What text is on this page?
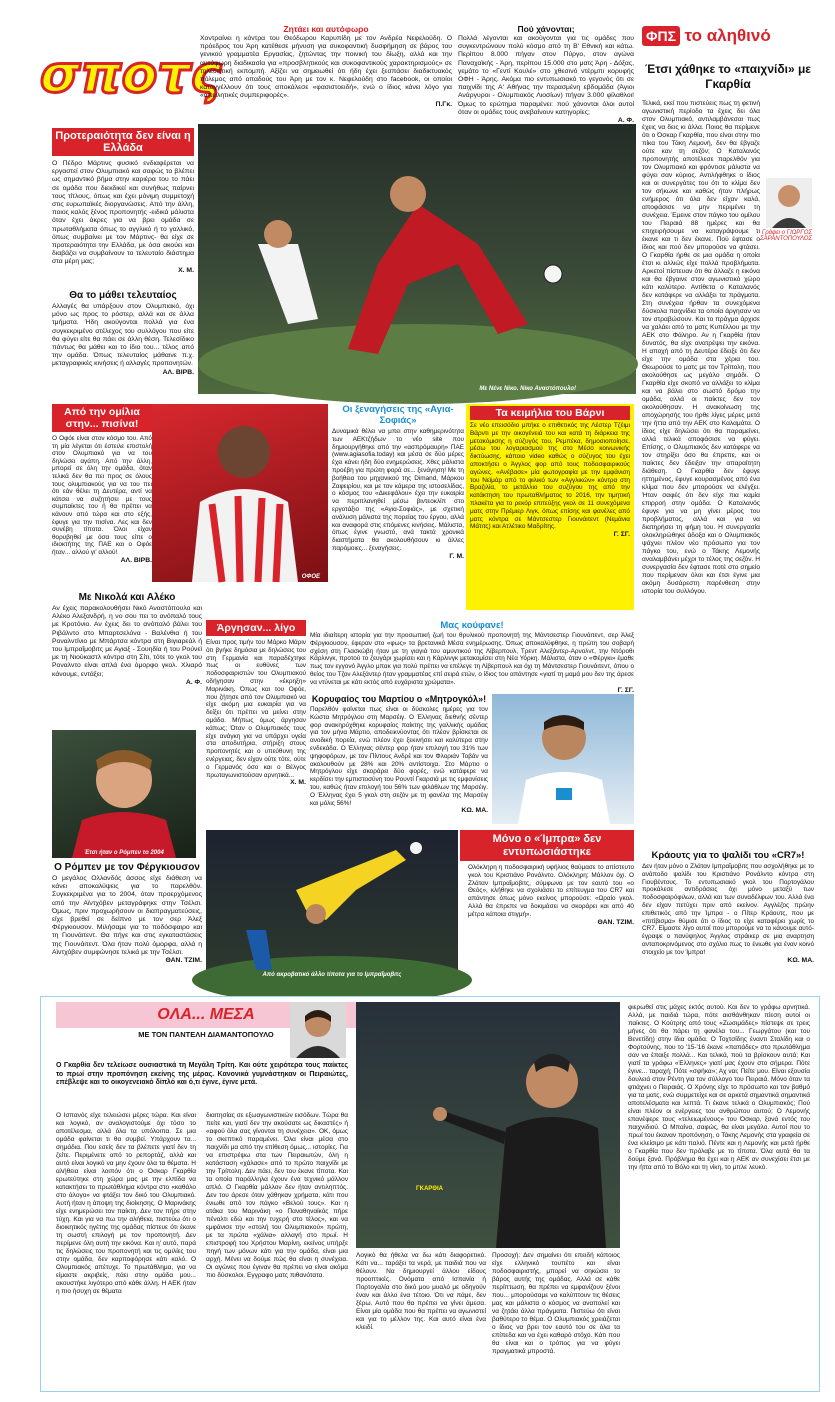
σποτς
Ζητάει και αυτόφωρο
Χοντραίνει η κόντρα του Θεόδωρου Καρυπίδη με τον Ανδρέα Νεφελούδη. Ο πρόεδρος του Άρη κατέθεσε μήνυση για συκοφαντική δυσφήμηση σε βάρος του γενικού γραμματέα Εργασίας, ζητώντας την ποινική του δίωξη, αλλά και την αυτόφωρη διαδικασία για «προσβλητικούς και συκοφαντικούς χαρακτηρισμούς» σε τηλεοπτική εκπομπή. Αξίζει να σημειωθεί ότι ήδη έχει ξεσπάσει διαδικτυακός πόλεμος από οπαδούς του Άρη με τον κ. Νεφελούδη στο facebook, οι οποίοι καταγγέλλουν ότι τους αποκάλεσε «φασιστοειδή», ενώ ο ίδιος κάνει λόγο για «απειλητικές συμπεριφορές».
Π.Γκ.
Πού χάνονται;
Πολλά λέγονται και ακούγονται για τις ομάδες που συγκεντρώνουν πολύ κόσμο από τη Β' Εθνική και κάτω. Περίπου 8.000 πήγαν στον Πύργο, στον αγώνα Παναχαϊκής - Άρη, περίπου 15.000 στο ματς Άρη - Δόξας, γεμάτο το «Γεντί Κουλέ» στο χθεσινό ντέρμπι κορυφής ΟΦΗ - Άρης. Ακόμα πιο εντυπωσιακό το γεγονός ότι σε παιχνίδι της Α' Αθήνας την περασμένη εβδομάδα (Άγιοι Ανάργυροι - Ολυμπιακός Λιοσίων) πήγαν 3.000 φίλαθλοι! Όμως το ερώτημα παραμένει: πού χάνονται όλοι αυτοί όταν οι ομάδες τους ανεβαίνουν κατηγορίες;
Α. Φ.
Προτεραιότητα δεν είναι η Ελλάδα
Ο Πέδρο Μάρτινς φυσικό ενδιαφέρεται να εργαστεί στον Ολυμπιακό και σαφώς το βλέπει ως σημαντικό βήμα στην καριέρα του το πάει σε ομάδα που διεκδικεί και συνήθως παίρνει τους τίτλους, όπως και έχει μόνιμη συμμετοχή στις ευρωπαϊκές διοργανώσεις. Από την άλλη, ποιος καλός ξένος προπονητής -ειδικά μάλιστα όταν έχει άκρες για να βρει ομάδα σε πρωταθλήματα όπως το αγγλικό ή το γαλλικό, όπως συμβαίνει με τον Μάρτινς- θα είχε σε προτεραιότητα την Ελλάδα, με όσα ακούει και διαβάζει να συμβαίνουν το τελευταίο διάστημα στα μέρη μας;
Χ. Μ.
Θα το μάθει τελευταίος
Αλλαγές θα υπάρξουν στον Ολυμπιακό, όχι μόνο ως προς το ρόστερ, αλλά και σε άλλα τμήματα. Ήδη ακούγονται πολλά για ένα συγκεκριμένο στέλεχος του συλλόγου που είτε θα φύγει είτε θα πάει σε άλλη θέση. Τελεσίδικο πάντως θα μάθει και το ίδιο του... τέλος από την ομάδα. Όπως τελευταίος μάθαινε π.χ. μεταγραφικές κινήσεις ή αλλαγές προπονητών.
ΑΛ. ΒΙΡΒ.
Από την ομίλια στην... πισίνα!
Ο Οφόε είναι στον κόσμο του. Από τη μία λέγεται ότι έστειλε επιστολή στον Ολυμπιακό για να του δηλώσει αγάπη. Από την άλλη, μπορεί σε όλη την ομάδα, όταν τελικά δεν θα πει προς σε όλους τους ολυμπιακούς για να του πει ότι εάν θέλει τη Δευτέρα, αντί να κάτσει να συζητήσει με τους συμπαίκτες του ή θα πρέπει να κάνουν από τώρα και στο εξής, έφυγε για την πισίνα. Λες και δεν συνέβη τίποτα. Όλοι είχαν θορυβηθεί με όσα τους είπε ο ιδιοκτήτης της ΠΑΕ και ο Οφόε ήταν... αλλού γι' αλλού!
ΑΛ. ΒΙΡΒ.
ΟΦΟΕ
Με Νικολά και Αλέκο
Αν έχεις παρακολουθήσει Νικό Αναστόπουλο και Αλέκο Αλεξανδρή, η νο σου πει το ανόπαλό τους με Κροτόνιο. Αν έχεις δει το ανόπαλό βάλει του Ριβάλντο στο Μπαρτσελόνα - Βαλένθια ή του Ροναλντίνιο με Μπάρτσα κόντρα στη Βιγιαρεάλ ή του Ιμπραΐμοβιτς με Αγιαξ - Σουηδία ή του Ρούνεϊ με τη Νιούκαστλ κόντρα στη Σίτι, τότε το γκολ του Ροναλντο είναι απλά ένα όμορφο γκολ. Χλιαρό κάνουμε, εντάξει;
Α. Φ.
Έτσι ήταν ο Ρόμπεν το 2004
Ο Ρόμπεν με τον Φέργκιουσον
Ο μεγάλος Ολλανδός άσσος είχε διάθεση να κάνει αποκαλύψεις για το παρελθόν. Συγκεκριμένα για το 2004, όταν προερχόμενος από την Αϊντχόβεν μεταγράφηκε στην Τσέλσι. Όμως, πριν προχωρήσουν οι διαπραγματεύσεις, είχε βρεθεί σε δείπνο με τον σερ Άλεξ Φέργκιουσον. Μιλήσαμε για το ποδόσφαιρο και τη Γιουνάιτεντ. Θα πήγε και στις εγκαταστάσεις της Γιουνάιτεντ. Όλα ήταν πολύ όμορφα, αλλά η Αϊντχόβεν συμφώνησε τελικά με την Τσέλσι.
ΘΑΝ. ΤΖΙΜ.
Με Νένε Νίκο. Νίκο Αναστόπουλο!
Οι ξεναγήσεις της «Αγια-Σοφιάς»
Δυναμικά θέλει να μπει στην καθημερινότητα των ΑΕΚτζήδων το νέο site που δημιουργήθηκε από την «ασπρόμαυρη» ΠΑΕ (www.agiasofia.today) και μέσα σε δύο μέρες έχει κάνει ήδη δύο ενημερώσεις. Χθες μάλιστα προέβη για πρώτη φορά σε... ξενάγηση! Με τη βοήθεια του μηχανικού της Dimand, Μάρκου Ζαφειρίου, και με τον κάμερα της ιστοσελίδας, ο κόσμος του «Δικεφάλου» έχει την ευκαιρία να περιπλανηθεί μέσω βιντεοκλίπ στο εργοτάξιο της «Αγια-Σοφιάς», με σχετική ανάλυση μάλιστα της πορείας του έργου, αλλά και αναφορά στις επόμενες κινήσεις. Μάλιστα, όπως έγινε γνωστό, ανά τακτά χρονικά διαστήματα θα ακολουθήσουν κι άλλες παρόμοιες... ξεναγήσεις.
Γ. Μ.
Τα κειμήλια του Βάρνι
Σε νέο επεισόδιο μπήκε ο επιθετικός της Λέστερ Τζέιμι Βάρντι με την οικογένειά του και κατά τη διάρκεια της μετακόμισης η σύζυγός του, Ρεμπέκα, δημοσιοποίησε, μέσω του λογαριασμού της στο Μέσο κοινωνικής δικτύωσης, κάποιο video καθώς ο σύζυγος του έχει αποκτήσει ο Άγγλος φορ από τους ποδοσφαιρικούς αγώνες. «Ανέβασε» μία φωτογραφία με την εμφάνιση του Νεϊμάρ από το φιλικό των «Αγγλικών» κόντρα στη Βραζιλία, το μετάλλιο του συζύγου της από την κατάκτηση του πρωταθλήματος το 2016, την τιμητική πλακέτα για το ρεκόρ επιτεύξης γκολ σε 11 συνεχόμενα ματς στην Πρέμιερ Λιγκ, όπως επίσης και φανέλες από ματς κόντρα σε Μάντσεστερ Γιουνάιτεντ (Νεμάνια Μάτιτς) και Ατλέτικο Μαδρίτης.
Γ. ΣΓ.
Άργησαν... λίγο
Είναι προς τιμήν του Μάρκο Μάριν ότι βγήκε δημόσια με δηλώσεις του στη Γερμανία και παραδέχτηκε πως οι ευθύνες των ποδοσφαιριστών του Ολυμπιακού οδήγησαν στην «έκρηξη» Μαρινάκη. Όπως και του Οφόε, που ζήτησε από τον Ολυμπιακό να είχε ακόμη μια ευκαιρία για να δείξει ότι πρέπει να μείνει στην ομάδα. Μήπως όμως άργησαν κάπως; Όταν ο Ολυμπιακός τους είχε ανάγκη για να υπάρχει υγεία στα αποδυτήρια, στήριξη στους προπονητές και ο υπεύθυνη της ενέργειας, δεν είχαν ούτε τότε, ούτε ο Γερμανός όσο και ο Βέλγος πρωταγωνιστούσαν αρνητικά...
Χ. Μ.
Μας κούφανε!
Μία ιδιαίτερη ιστορία για την προσωπική ζωή του θρυλικού προπονητή της Μάντσεστερ Γιουνάιτεντ, σερ Άλεξ Φέργκιουσον, έφεραν στο «φως» τα βρετανικά Μέσα ενημέρωσης. Όπως αποκαλύφθηκε, η πρώτη του σοβαρή σχέση στη Γλασκώβη ήταν με τη γιαγιά του αμυντικού της Λίβερπουλ, Τρεντ Αλεξάντερ-Αρνολντ, την Ντόροθι Κάρλινγκ, προτού το ζευγάρι χωρίσει και η Κάρλινγκ μετακομίσει στη Νέα Υόρκη. Μάλιστα, όταν ο «Φέργκι» έμαθε πως τον εγγονό Άγγλο μπακ για πολύ πρέπει να επέλεγε τη Λίβερπουλ και όχι τη Μάντσεστερ Γιουνάιτεντ, όπου ο θείος του Τζον Αλεξάντερ ήταν γραμματέας επί σειρά ετών, ο ίδιος του απάντησε «γιατί τη μαμά μου δεν της άρεσε να ντύνεται με κάτι εκτός από ευχάριστα χρώματα».
Γ. ΣΓ.
Κορυφαίος του Μαρτίου ο «Μητρογκόλ»!
Παρελθόν φαίνεται πως είναι οι δύσκολες ημέρες για τον Κώστα Μητρόγλου στη Μαρσέιγ. Ο Έλληνας διεθνής σέντερ φορ ανακηρύχθηκε κορυφαίος παίκτης της γαλλικής ομάδας για τον μήνα Μάρτιο, αποδεικνύοντας ότι πλέον βρίσκεται σε ανοδική πορεία, ενώ πλέον έχει ξεκινήσει και καλύτερα στην ενδεκάδα. Ο Έλληνας σέντερ φορ ήταν επιλογή του 31% των ψηφοφόρων, με τον Πίντους Ανδρέ και τον Φλοριάν Τοβάν να ακολουθούν με 28% και 20% αντίστοιχα. Στο Μάρτιο ο Μητρόγλου είχε σκοράρει δύο φορές, ενώ κατάφερε να κερδίσει την εμπιστοσύνη του Ρουντί Γκαρσιά με τις εμφανίσεις του, καθώς ήταν επιλογή του 56% των φιλάθλων της Μαρσέιγ. Ο Έλληνας έχει 5 γκολ στη σεζόν με τη φανέλα της Μαρσέιγ και μόλις 56%!
ΚΩ. ΜΑ.
ΜΗΤΡΟΓΛΟΥ
Από ακροβατικό άλλο τίποτα για το Ιμπραΐμοβιτς
Μόνο ο «Ίμπρα» δεν εντυπωσιάστηκε
Ολόκληρη η ποδοσφαιρική υφήλιος θαύμασε το απίστευτο γκολ του Κριστιάνο Ρονάλντο. Ολόκληρη; Μάλλον όχι. Ο Ζλάταν Ιμπραΐμοβιτς, σύμφωνα με τον εαυτό του «ο Θεός», κλήθηκε να σχολιάσει το επίτευγμα του CR7 και απάντησε όπως μόνο εκείνος μπορούσε: «Ωραίο γκολ. Αλλά θα έπρεπε να δοκιμάσει να σκοράρει και από 40 μέτρα κάποια στιγμή».
ΘΑΝ. ΤΖΙΜ.
ΦΠΣ το αληθινό
Έτσι χάθηκε το «παιχνίδι» με Γκαρθία
Γράφει ο ΓΙΩΡΓΟΣ ΣΑΡΑΝΤΟΠΟΥΛΟΣ
Τελικά, εκεί που πιστεύεις πως τη φετινή αγωνιστική περίοδο τα έχεις δει όλα στον Ολυμπιακό, αντιλαμβάνεσαι πως έχεις να δεις κι άλλα. Ποιος θα περίμενε ότι ο Όσκαρ Γκαρθία, που είναι στην πιο πίκα του Τάκη Λεμονή, δεν θα έβγαζε ούτε καν τη σεζόν; Ο Καταλανός προπονητής αποτέλεσε παρελθόν για τον Ολυμπιακό και φρόντισε μάλιστα να φύγει σαν κύριος. Αντιλήφθηκε ο ίδιος και οι συνεργάτες του ότι το κλίμα δεν τον σήκωνε και καθώς ήταν πλήρως ενήμερος ότι όλα δεν είχαν καλά, αποφάσισε να μην περιμένει τη συνέχεια. Έμεινε στον πάγκο του ομίλου του Πειραιά 88 ημέρες και θα επιχειρήσουμε να καταγράψουμε τι έκανε και τι δεν έκανε. Πού έφτασε ο ίδιος και πού δεν μπορούσε να φτάσει. Ο Γκαρθία ήρθε σε μια ομάδα η οποία έτσι κι αλλιώς είχε πολλά προβλήματα. Αρκετοί πίστευαν ότι θα άλλαζε η εικόνα και θα έβγαινε στον αγωνιστικό χώρο κάτι καλύτερο. Αντίθετα ο Καταλανός δεν κατάφερε να αλλάξει τα πράγματα. Στη συνέχεια ήρθαν τα συνεχόμενα δύσκολα παιχνίδια τα οποία άργησαν να τον στραβώσουν. Και το πράγμα άρχισε να χαλάει από το ματς Κυπέλλου με την ΑΕΚ στο Φάληρο. Αν η Γκαρθία ήταν δυνατός, θα είχε ανατρέψει την εικόνα. Η αποχή από τη Δευτέρα έδειξε ότι δεν είχε την ομάδα στα χέρια του. Θεωρούσε το ματς με τον Τρίπολη, που ακολούθησε ως μεγάλο σημάδι. Ο Γκαρθία είχε σκοπό να αλλάξει το κλίμα και να βάλει στο σωστό δρόμο την ομάδα, αλλά οι παίκτες δεν τον ακολούθησαν. Η ανακοίνωση της αποχώρησής του ήρθε λίγες μέρες μετά την ήττα από την ΑΕΚ στο Καλαμάτα. Ο ίδιος είχε δηλώσει ότι θα παραμείνει, αλλά τελικά αποφάσισε να φύγει. Επίσης, ο Ολυμπιακός δεν κατάφερε να τον στηρίξει όσο θα έπρεπε, και οι παίκτες δεν έδειξαν την απαραίτητη διάθεση. Ο Γκαρθία δεν έφυγε ηττημένος, έφυγε κουρασμένος από ένα κλίμα που δεν μπορούσε να ελέγξει. Ήταν σαφές ότι δεν είχε πια καμία επιρροή στην ομάδα. Ο Καταλανός έφυγε για να μη γίνει μέρος του προβλήματος, αλλά και για να διατηρήσει τη φήμη του. Η συνεργασία ολοκληρώθηκε άδοξα και ο Ολυμπιακός ψάχνει πλέον νέο πρόσωπο για τον πάγκο του, ενώ ο Τάκης Λεμονής αναλαμβάνει μέχρι το τέλος της σεζόν. Η συνεργασία δεν έφτασε ποτέ στο σημείο που περίμεναν όλοι και έτσι έγινε μια ακόμη δυσάρεστη παρένθεση στην ιστορία του συλλόγου.
Κράουτς για το ψαλίδι του «CR7»!
Δεν ήταν μόνο ο Ζλάταν Ιμπραΐμοβιτς που ασχολήθηκε με το ανάποδο ψαλίδι του Κριστιάνο Ρονάλντο κόντρα στη Γιουβέντους. Το εντυπωσιακό γκολ του Πορτογάλου προκάλεσε αντιδράσεις όχι μόνο μεταξύ των ποδοσφαιρόφιλων, αλλά και των συναδέλφων του. Αλλά ένα δεν είχαν πετύχει πριν από εκείνον. Αγγλέζος πρώην επιθετικός από την Ίμπρα - ο Πίτερ Κράουτς, που με «πιτίβισμα» θύμισε ότι ο ίδιος το είχε καταφέρει χωρίς το CR7. Είμαστε λίγο αυτοί που μπορούμε να το κάνουμε αυτό- έγραψε ο πανύψηλος Άγγλος στράικερ σε μια αναρτηση ανταποκρινόμενος στο σχόλιο πως το ένιωθε για έναν κοινό στοιχείο με τον Ίμπρα!
ΚΩ. ΜΑ.
ΟΛΑ... ΜΕΣΑ
ΜΕ ΤΟΝ ΠΑΝΤΕΛΗ ΔΙΑΜΑΝΤΟΠΟΥΛΟ
Ο Γκαρθία δεν τελείωσε ουσιαστικά τη Μεγάλη Τρίτη. Και ούτε χειρότερα τους παίκτες το πρωί στην προπόνηση εκείνης της μέρας. Κανονικά γυμνάστηκαν οι Πειραιώτες, επέβλεψε και το οικογενειακό δίπλό και ό,τι έγινε, έγινε μετά.
ΓΚΑΡΘΙΑ
Ο Ισπανός είχε τελειώσει μέρες τώρα. Και είναι και λογικό, αν αναλογιστούμε όχι τόσο το αποτέλεσμα, αλλά όλα τα υπόλοιπα. Σε μια ομάδα φαίνεται τι θα συμβεί. Υπάρχουν τα... σημάδια. Που εσείς δεν τα βλέπετε γιατί δεν τη ζείτε. Περιμένετε από το ρεπορτάζ, αλλά και αυτό είναι λογικό να μην έχουν όλα τα θέματα. Η αλήθεια είναι λοιπόν ότι ο Όσκαρ Γκαρθία ερωτεύτηκε στη χώρα μας με την ελπίδα να κατακτήσει το πρωτάθλημα κόντρα στο «καθάλο στο άλογο» να φτάξει τον δικό του Ολυμπιακό. Αυτή ήταν η άποψη της διοίκησης. Ο Μαρινάκης είχε ενημερώσει τον παίκτη. Δεν τον πήρε στην τύχη. Και για να πω την αλήθεια, πιστεύω ότι ο διοικητικός ηγέτης της ομάδας πίστευε ότι έκανε τη σωστή επιλογή με τον προπονητή. Δεν περίμενε όλη αυτή την εικόνα. Και η' αυτό, παρά τις δηλώσεις του προπονητή και τις ομιλίες του στην ομάδα, δεν καρποφόρησε κάτι καλό. Ο Ολυμπιακός απέτυχε. Το πρωτάθλημα, για να είμαστε ακριβείς, πάει στην ομάδα μου... ακουστήκε λιγότερο από κάθε άλλη. Η ΑΕΚ ήταν η πιο ήσυχη σε θέματα
διαιτησίας σε εξωαγωνιστικών εισόδων. Τώρα θα πείτε και, γιατί δεν την ακούσατε ως δικαστές» ή «αφού όλα σας γίνονται τη συνέχεια». ΟΚ, όμως το σκεπτικό παραμένει. Όλα είναι μέσα στο παιχνίδι μα από την επίθεση όμως... ιστορίες. Για να επιστρέψω στα των Πειραιωτών, όλη η κατάσταση «χάλασε» από το πρώτο παιχνίδι με την Τρίπολη. Δεν πάει, δεν του έκανε τίποτα. Και τα οποία παράλληλα έχουν ένα τεχνικό μάλλον απλό. Ο Γκαρθία μάλλον δεν ήταν αντιληπτός. Δεν του άρεσε όταν χάθηκαν χρήματα, κάτι που ένιωθε από τον πάγκο «Βελού τους». Και η ατάκα του Μαρινάκη «ο Παναθηναϊκός πήρε πέναλτι εδώ και την τυχερή στο τέλος», και να εμφάνισε την «στολή του Ολυμπιακού» πρώτη, με τα πρώτα «χάλια» αλλαγή στο πρωί. Η επιστροφή του Χρήστου Μαρίνη, εκείνος υπήρξε πηγή των μόνων κάτι για την ομάδα, είναι μια αρχή. Μένει να δούμε πώς θα είναι η συνέχεια. Οι αγώνες που έγιναν θα πρέπει να είναι ακόμα πιο δύσκολοι. Εγγραφο ματς πιθανότατα.
Λογικό θα ήθελα να δω κάτι διαφορετικό. Κάτι να... ταράξει τα νερά, με παιδιά που να θέλουν. Να δημιουργεί άλλου είδους προοπτικές. Ονόματα από Ισπανία ή Πορτογαλία στο δικό μου μυαλό με οδηγούν έναν και άλλο ένα τέτοιο. Ότι να πάμε, δεν ξέρω. Αυτό που θα πρέπει να γίνει άμεσα. Είναι μία ομάδα που θα πρέπει να αγωνιστεί και για το μέλλον της. Και αυτό είναι ένα κλειδί.
Προσοχή: Δεν σημαίνει ότι επειδή κάποιος είχε ελληνικό τουπέτο και είναι ποδοσφαιριστής, μπορεί να σηκώσει το βάρος αυτής της ομάδας. Αλλά σε κάθε περίπτωση, θα πρέπει να εμφανίζουν ξένοι που... μπορούσαμε να καλύπτουν τις θέσεις μας και μάλιστα ο κόσμος να αναπολεί και να ζητάει άλλα πράγματα. Πιστεύω ότι είναι βαθύτερο το θέμα. Ο Ολυμπιακός χρειάζεται ο ίδιος να βρει τον εαυτό του σε όλα τα επίπεδα και να έχει καθαρό στόχο. Κάτι που θα είναι και ο τρόπος για να φύγει πραγματικά μπροστά.
φιερωθεί στις μάχες εκτός αυτού. Και δεν το γράφω αρνητικά. Αλλά, με παιδιά τώρα, πότε αισθάνθηκαν πίεση αυτοί οι παίκτες. Ο Κούτρης από τους «Ζωσιμάδες» πίστεψε σε τρεις μήνες ότι θα πάρει τη φανέλα του... Γεωργάτου (και του Βενετίδη) στην ίδια ομάδα. Ο Τοχτσίδης έναντι Σταλίδη και ο Φορτούνης, που το '15-'16 έκανε «παπάδες» στο πρωτάθλημα σαν να έπαιξε πολλά... Και τελικά, πού τα βρίσκουν αυτά; Και γιατί τα γράφω «Έλληνες» γιατί μας έχουν στο σήμερα. Πότε έγινε... ταραχή; Πότε «σφήκα»; Αχ ναι; Πείτε μου. Είναι εξουσία δουλειά στον Ρέντη για τον σύλλογο του Πειραιά. Μόνο όταν τα φτιάχνει ο Πειραιάς. Ο Χρόνης είχε το πρόσωπο και τον βαθμό για τα ματς, ενώ συμμετείχε και σε αρκετά σημαντικά σημαντικά αποτελέσματα και λεπτά. Τι έκανε τελικά ο Ολυμπιακός; Πού είναι πλέον οι ενέργειες του ανθρώπου αυτού; Ο Λεμονής επανέφερε τους «τελειωμένους» του Όσκαρ, ξανά εντός του παιχνιδιού. Ο Μπαίνα, σαφώς, θα είναι μεγάλο. Αυτοί που το πρωί του έκαναν προπόνηση, ο Τάκης Λεμονής στα γραφεία σε ένα κλείσιμο με κάτι παλιό. Πέντε και η Λεμονής και μετά ήρθε ο Γκαρθία που δεν πρόλαβε με το τίποτα. Όλα αυτά θα τα δούμε ξανά. Πρόβλημα θα έχει και η ΑΕΚ αν συνεχίσει έτσι με την ήττα από το Βόλο και τη νίκη, το μπλε λευκό.
